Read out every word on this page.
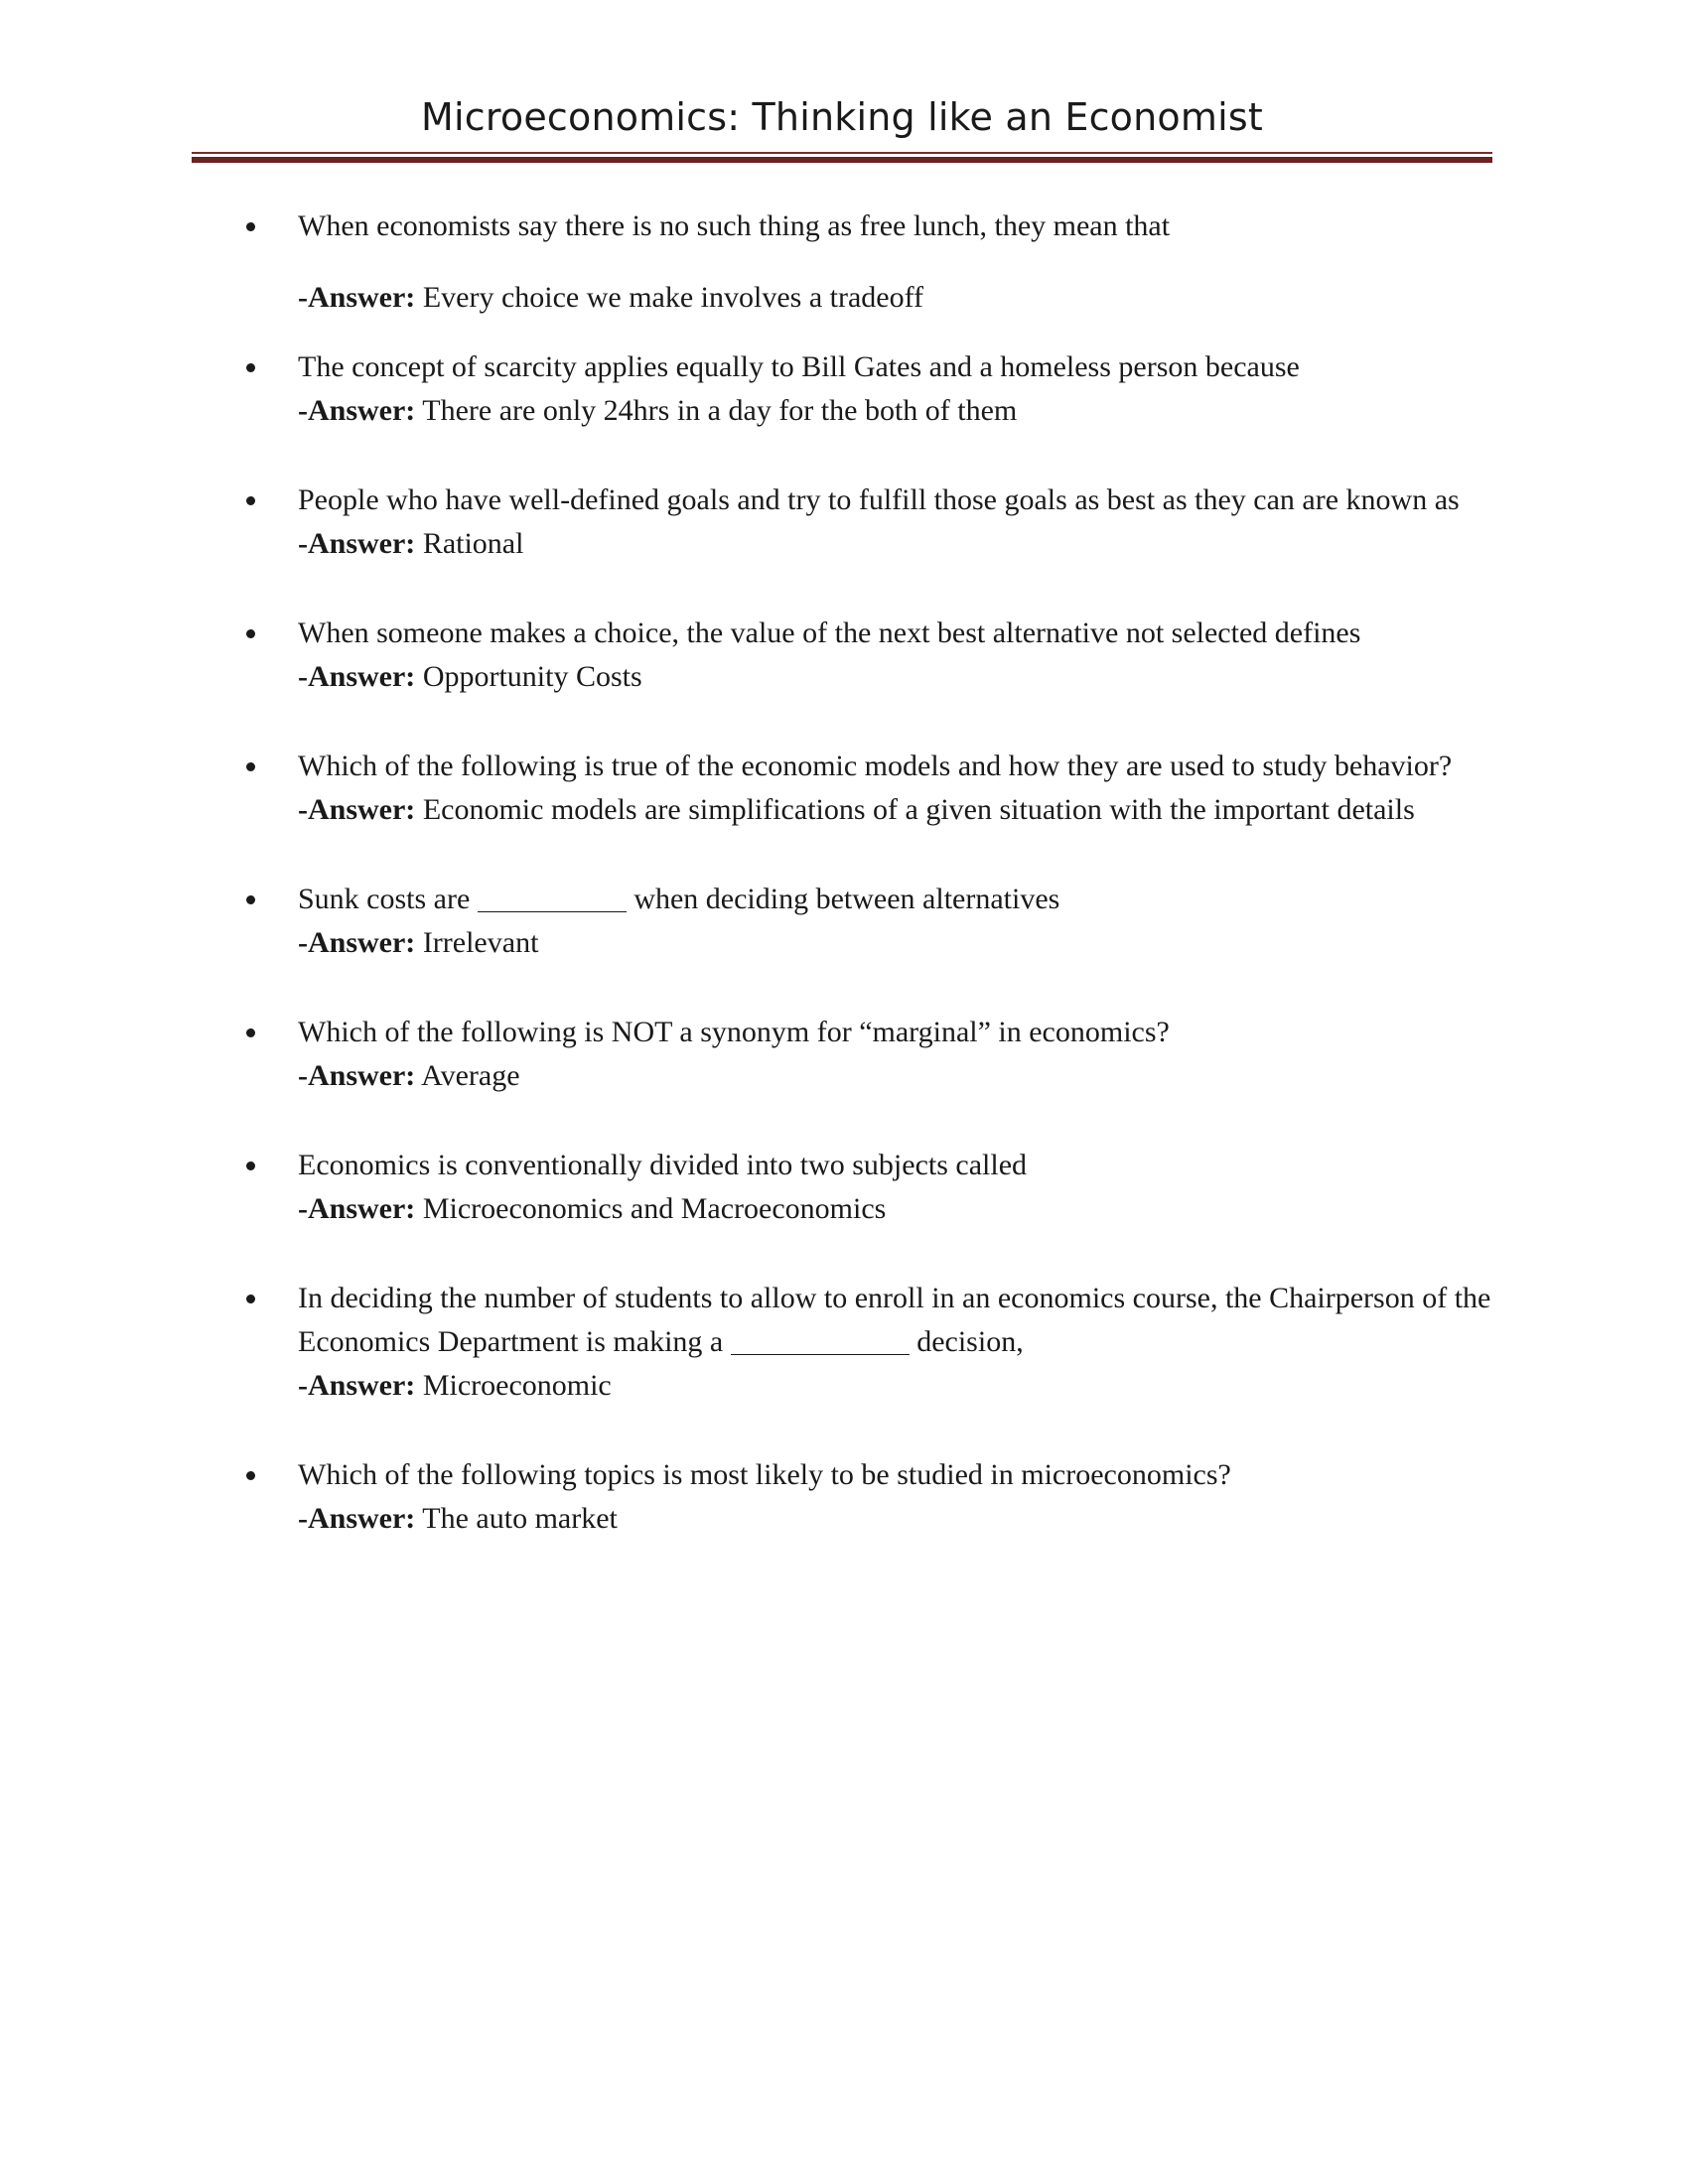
Microeconomics: Thinking like an Economist
When economists say there is no such thing as free lunch, they mean that
-Answer: Every choice we make involves a tradeoff
The concept of scarcity applies equally to Bill Gates and a homeless person because
-Answer: There are only 24hrs in a day for the both of them
People who have well-defined goals and try to fulfill those goals as best as they can are known as
-Answer: Rational
When someone makes a choice, the value of the next best alternative not selected defines
-Answer: Opportunity Costs
Which of the following is true of the economic models and how they are used to study behavior?
-Answer: Economic models are simplifications of a given situation with the important details
Sunk costs are	when deciding between alternatives
-Answer: Irrelevant
Which of the following is NOT a synonym for “marginal” in economics?
-Answer: Average
Economics is conventionally divided into two subjects called
-Answer: Microeconomics and Macroeconomics
In deciding the number of students to allow to enroll in an economics course, the Chairperson of the Economics Department is making a	decision,
-Answer: Microeconomic
Which of the following topics is most likely to be studied in microeconomics?
-Answer: The auto market
